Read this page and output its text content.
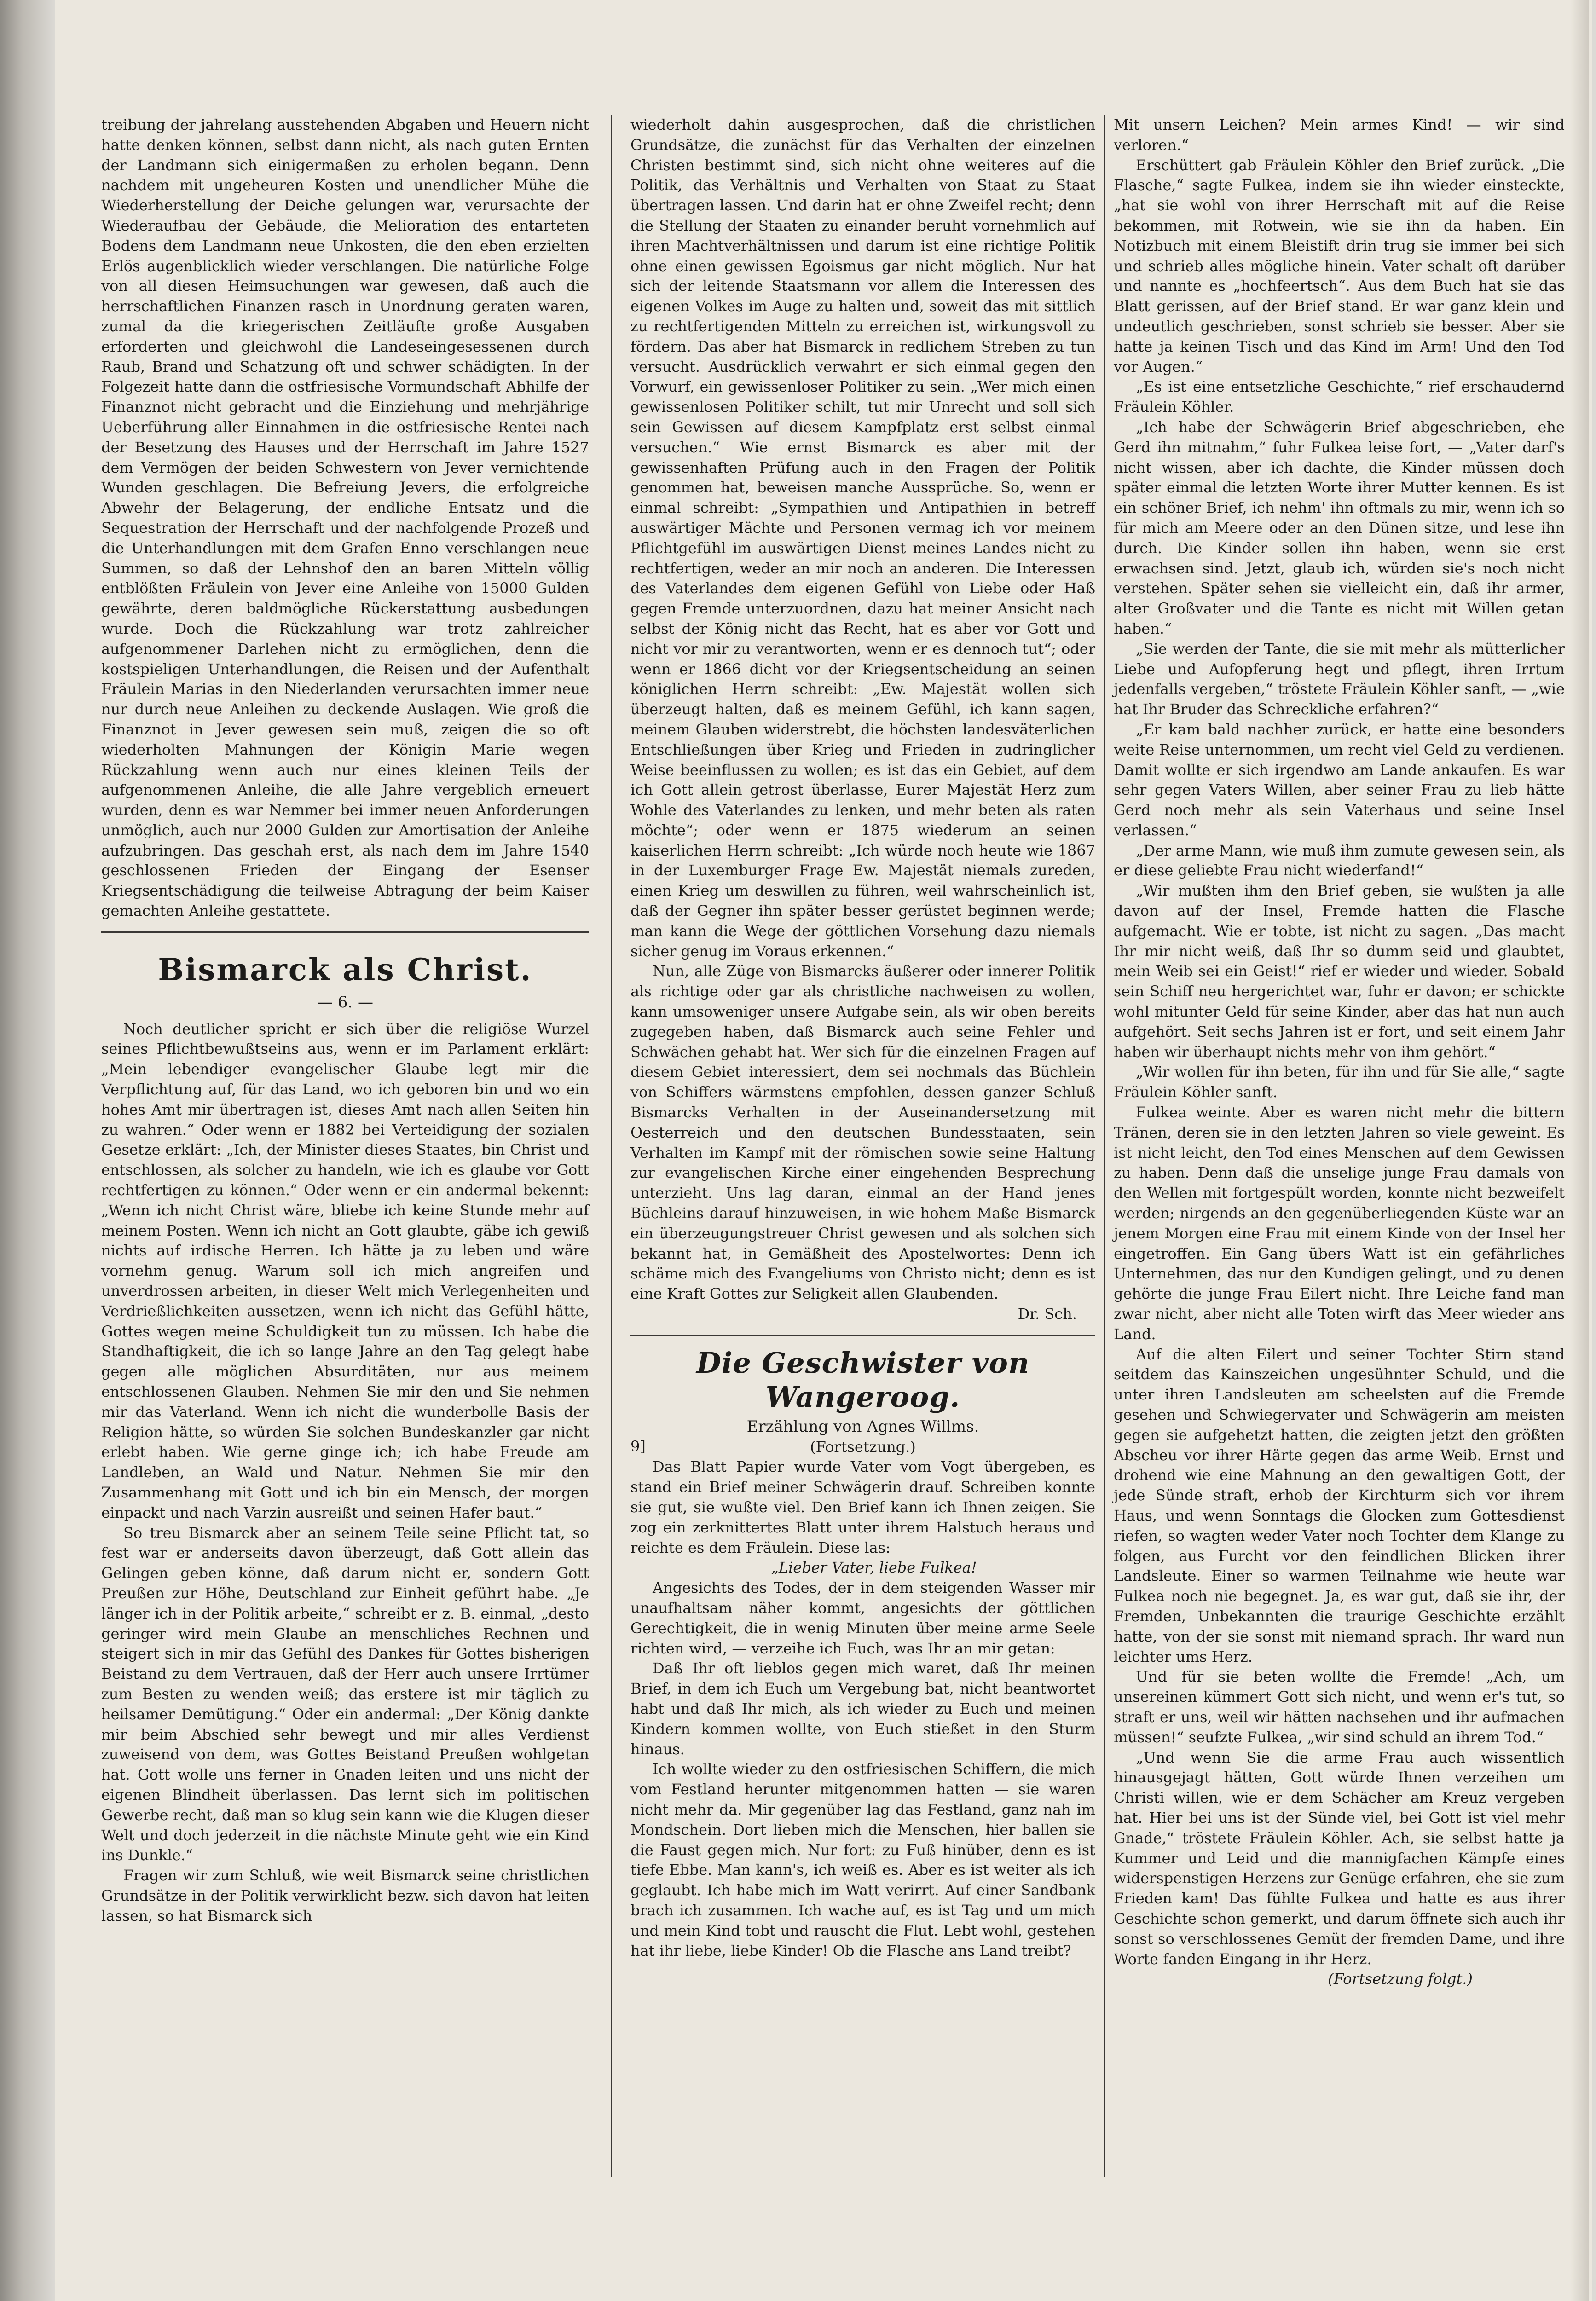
treibung der jahrelang ausstehenden Abgaben und Heuern nicht hatte denken können, selbst dann nicht, als nach guten Ernten der Landmann sich einigermaßen zu erholen begann. Denn nachdem mit ungeheuren Kosten und unendlicher Mühe die Wiederherstellung der Deiche gelungen war, verursachte der Wiederaufbau der Gebäude, die Melioration des entarteten Bodens dem Landmann neue Unkosten, die den eben erzielten Erlös augenblicklich wieder verschlangen. Die natürliche Folge von all diesen Heimsuchungen war gewesen, daß auch die herrschaftlichen Finanzen rasch in Unordnung geraten waren, zumal da die kriegerischen Zeitläufte große Ausgaben erforderten und gleichwohl die Landeseingesessenen durch Raub, Brand und Schatzung oft und schwer schädigten. In der Folgezeit hatte dann die ostfriesische Vormundschaft Abhilfe der Finanznot nicht gebracht und die Einziehung und mehrjährige Ueberführung aller Einnahmen in die ostfriesische Rentei nach der Besetzung des Hauses und der Herrschaft im Jahre 1527 dem Vermögen der beiden Schwestern von Jever vernichtende Wunden geschlagen. Die Befreiung Jevers, die erfolgreiche Abwehr der Belagerung, der endliche Entsatz und die Sequestration der Herrschaft und der nachfolgende Prozeß und die Unterhandlungen mit dem Grafen Enno verschlangen neue Summen, so daß der Lehnshof den an baren Mitteln völlig entblößten Fräulein von Jever eine Anleihe von 15000 Gulden gewährte, deren baldmögliche Rückerstattung ausbedungen wurde. Doch die Rückzahlung war trotz zahlreicher aufgenommener Darlehen nicht zu ermöglichen, denn die kostspieligen Unterhandlungen, die Reisen und der Aufenthalt Fräulein Marias in den Niederlanden verursachten immer neue nur durch neue Anleihen zu deckende Auslagen. Wie groß die Finanznot in Jever gewesen sein muß, zeigen die so oft wiederholten Mahnungen der Königin Marie wegen Rückzahlung wenn auch nur eines kleinen Teils der aufgenommenen Anleihe, die alle Jahre vergeblich erneuert wurden, denn es war Nemmer bei immer neuen Anforderungen unmöglich, auch nur 2000 Gulden zur Amortisation der Anleihe aufzubringen. Das geschah erst, als nach dem im Jahre 1540 geschlossenen Frieden der Eingang der Esenser Kriegsentschädigung die teilweise Abtragung der beim Kaiser gemachten Anleihe gestattete.

Bismarck als Christ.
— 6. —

Noch deutlicher spricht er sich über die religiöse Wurzel seines Pflichtbewußtseins aus, wenn er im Parlament erklärt: „Mein lebendiger evangelischer Glaube legt mir die Verpflichtung auf, für das Land, wo ich geboren bin und wo ein hohes Amt mir übertragen ist, dieses Amt nach allen Seiten hin zu wahren.“ Oder wenn er 1882 bei Verteidigung der sozialen Gesetze erklärt: „Ich, der Minister dieses Staates, bin Christ und entschlossen, als solcher zu handeln, wie ich es glaube vor Gott rechtfertigen zu können.“ Oder wenn er ein andermal bekennt: „Wenn ich nicht Christ wäre, bliebe ich keine Stunde mehr auf meinem Posten. Wenn ich nicht an Gott glaubte, gäbe ich gewiß nichts auf irdische Herren. Ich hätte ja zu leben und wäre vornehm genug. Warum soll ich mich angreifen und unverdrossen arbeiten, in dieser Welt mich Verlegenheiten und Verdrießlichkeiten aussetzen, wenn ich nicht das Gefühl hätte, Gottes wegen meine Schuldigkeit tun zu müssen. Ich habe die Standhaftigkeit, die ich so lange Jahre an den Tag gelegt habe gegen alle möglichen Absurditäten, nur aus meinem entschlossenen Glauben. Nehmen Sie mir den und Sie nehmen mir das Vaterland. Wenn ich nicht die wunderbolle Basis der Religion hätte, so würden Sie solchen Bundeskanzler gar nicht erlebt haben. Wie gerne ginge ich; ich habe Freude am Landleben, an Wald und Natur. Nehmen Sie mir den Zusammenhang mit Gott und ich bin ein Mensch, der morgen einpackt und nach Varzin ausreißt und seinen Hafer baut.“

So treu Bismarck aber an seinem Teile seine Pflicht tat, so fest war er anderseits davon überzeugt, daß Gott allein das Gelingen geben könne, daß darum nicht er, sondern Gott Preußen zur Höhe, Deutschland zur Einheit geführt habe. „Je länger ich in der Politik arbeite,“ schreibt er z. B. einmal, „desto geringer wird mein Glaube an menschliches Rechnen und steigert sich in mir das Gefühl des Dankes für Gottes bisherigen Beistand zu dem Vertrauen, daß der Herr auch unsere Irrtümer zum Besten zu wenden weiß; das erstere ist mir täglich zu heilsamer Demütigung.“ Oder ein andermal: „Der König dankte mir beim Abschied sehr bewegt und mir alles Verdienst zuweisend von dem, was Gottes Beistand Preußen wohlgetan hat. Gott wolle uns ferner in Gnaden leiten und uns nicht der eigenen Blindheit überlassen. Das lernt sich im politischen Gewerbe recht, daß man so klug sein kann wie die Klugen dieser Welt und doch jederzeit in die nächste Minute geht wie ein Kind ins Dunkle.“

Fragen wir zum Schluß, wie weit Bismarck seine christlichen Grundsätze in der Politik verwirklicht bezw. sich davon hat leiten lassen, so hat Bismarck sich

wiederholt dahin ausgesprochen, daß die christlichen Grundsätze, die zunächst für das Verhalten der einzelnen Christen bestimmt sind, sich nicht ohne weiteres auf die Politik, das Verhältnis und Verhalten von Staat zu Staat übertragen lassen. Und darin hat er ohne Zweifel recht; denn die Stellung der Staaten zu einander beruht vornehmlich auf ihren Machtverhältnissen und darum ist eine richtige Politik ohne einen gewissen Egoismus gar nicht möglich. Nur hat sich der leitende Staatsmann vor allem die Interessen des eigenen Volkes im Auge zu halten und, soweit das mit sittlich zu rechtfertigenden Mitteln zu erreichen ist, wirkungsvoll zu fördern. Das aber hat Bismarck in redlichem Streben zu tun versucht. Ausdrücklich verwahrt er sich einmal gegen den Vorwurf, ein gewissenloser Politiker zu sein. „Wer mich einen gewissenlosen Politiker schilt, tut mir Unrecht und soll sich sein Gewissen auf diesem Kampfplatz erst selbst einmal versuchen.“ Wie ernst Bismarck es aber mit der gewissenhaften Prüfung auch in den Fragen der Politik genommen hat, beweisen manche Aussprüche. So, wenn er einmal schreibt: „Sympathien und Antipathien in betreff auswärtiger Mächte und Personen vermag ich vor meinem Pflichtgefühl im auswärtigen Dienst meines Landes nicht zu rechtfertigen, weder an mir noch an anderen. Die Interessen des Vaterlandes dem eigenen Gefühl von Liebe oder Haß gegen Fremde unterzuordnen, dazu hat meiner Ansicht nach selbst der König nicht das Recht, hat es aber vor Gott und nicht vor mir zu verantworten, wenn er es dennoch tut“; oder wenn er 1866 dicht vor der Kriegsentscheidung an seinen königlichen Herrn schreibt: „Ew. Majestät wollen sich überzeugt halten, daß es meinem Gefühl, ich kann sagen, meinem Glauben widerstrebt, die höchsten landesväterlichen Entschließungen über Krieg und Frieden in zudringlicher Weise beeinflussen zu wollen; es ist das ein Gebiet, auf dem ich Gott allein getrost überlasse, Eurer Majestät Herz zum Wohle des Vaterlandes zu lenken, und mehr beten als raten möchte“; oder wenn er 1875 wiederum an seinen kaiserlichen Herrn schreibt: „Ich würde noch heute wie 1867 in der Luxemburger Frage Ew. Majestät niemals zureden, einen Krieg um deswillen zu führen, weil wahrscheinlich ist, daß der Gegner ihn später besser gerüstet beginnen werde; man kann die Wege der göttlichen Vorsehung dazu niemals sicher genug im Voraus erkennen.“

Nun, alle Züge von Bismarcks äußerer oder innerer Politik als richtige oder gar als christliche nachweisen zu wollen, kann umsoweniger unsere Aufgabe sein, als wir oben bereits zugegeben haben, daß Bismarck auch seine Fehler und Schwächen gehabt hat. Wer sich für die einzelnen Fragen auf diesem Gebiet interessiert, dem sei nochmals das Büchlein von Schiffers wärmstens empfohlen, dessen ganzer Schluß Bismarcks Verhalten in der Auseinandersetzung mit Oesterreich und den deutschen Bundesstaaten, sein Verhalten im Kampf mit der römischen sowie seine Haltung zur evangelischen Kirche einer eingehenden Besprechung unterzieht. Uns lag daran, einmal an der Hand jenes Büchleins darauf hinzuweisen, in wie hohem Maße Bismarck ein überzeugungstreuer Christ gewesen und als solchen sich bekannt hat, in Gemäßheit des Apostelwortes: Denn ich schäme mich des Evangeliums von Christo nicht; denn es ist eine Kraft Gottes zur Seligkeit allen Glaubenden.

Dr. Sch.
Die Geschwister von Wangeroog.
Erzählung von Agnes Willms.
(Fortsetzung.)
9]

Das Blatt Papier wurde Vater vom Vogt übergeben, es stand ein Brief meiner Schwägerin drauf. Schreiben konnte sie gut, sie wußte viel. Den Brief kann ich Ihnen zeigen. Sie zog ein zerknittertes Blatt unter ihrem Halstuch heraus und reichte es dem Fräulein. Diese las:

„Lieber Vater, liebe Fulkea!

Angesichts des Todes, der in dem steigenden Wasser mir unaufhaltsam näher kommt, angesichts der göttlichen Gerechtigkeit, die in wenig Minuten über meine arme Seele richten wird, — verzeihe ich Euch, was Ihr an mir getan:

Daß Ihr oft lieblos gegen mich waret, daß Ihr meinen Brief, in dem ich Euch um Vergebung bat, nicht beantwortet habt und daß Ihr mich, als ich wieder zu Euch und meinen Kindern kommen wollte, von Euch stießet in den Sturm hinaus.

Ich wollte wieder zu den ostfriesischen Schiffern, die mich vom Festland herunter mitgenommen hatten — sie waren nicht mehr da. Mir gegenüber lag das Festland, ganz nah im Mondschein. Dort lieben mich die Menschen, hier ballen sie die Faust gegen mich. Nur fort: zu Fuß hinüber, denn es ist tiefe Ebbe. Man kann's, ich weiß es. Aber es ist weiter als ich geglaubt. Ich habe mich im Watt verirrt. Auf einer Sandbank brach ich zusammen. Ich wache auf, es ist Tag und um mich und mein Kind tobt und rauscht die Flut. Lebt wohl, gestehen hat ihr liebe, liebe Kinder! Ob die Flasche ans Land treibt?

Mit unsern Leichen? Mein armes Kind! — wir sind verloren.“

Erschüttert gab Fräulein Köhler den Brief zurück. „Die Flasche,“ sagte Fulkea, indem sie ihn wieder einsteckte, „hat sie wohl von ihrer Herrschaft mit auf die Reise bekommen, mit Rotwein, wie sie ihn da haben. Ein Notizbuch mit einem Bleistift drin trug sie immer bei sich und schrieb alles mögliche hinein. Vater schalt oft darüber und nannte es „hochfeertsch“. Aus dem Buch hat sie das Blatt gerissen, auf der Brief stand. Er war ganz klein und undeutlich geschrieben, sonst schrieb sie besser. Aber sie hatte ja keinen Tisch und das Kind im Arm! Und den Tod vor Augen.“

„Es ist eine entsetzliche Geschichte,“ rief erschaudernd Fräulein Köhler.

„Ich habe der Schwägerin Brief abgeschrieben, ehe Gerd ihn mitnahm,“ fuhr Fulkea leise fort, — „Vater darf's nicht wissen, aber ich dachte, die Kinder müssen doch später einmal die letzten Worte ihrer Mutter kennen. Es ist ein schöner Brief, ich nehm' ihn oftmals zu mir, wenn ich so für mich am Meere oder an den Dünen sitze, und lese ihn durch. Die Kinder sollen ihn haben, wenn sie erst erwachsen sind. Jetzt, glaub ich, würden sie's noch nicht verstehen. Später sehen sie vielleicht ein, daß ihr armer, alter Großvater und die Tante es nicht mit Willen getan haben.“

„Sie werden der Tante, die sie mit mehr als mütterlicher Liebe und Aufopferung hegt und pflegt, ihren Irrtum jedenfalls vergeben,“ tröstete Fräulein Köhler sanft, — „wie hat Ihr Bruder das Schreckliche erfahren?“

„Er kam bald nachher zurück, er hatte eine besonders weite Reise unternommen, um recht viel Geld zu verdienen. Damit wollte er sich irgendwo am Lande ankaufen. Es war sehr gegen Vaters Willen, aber seiner Frau zu lieb hätte Gerd noch mehr als sein Vaterhaus und seine Insel verlassen.“

„Der arme Mann, wie muß ihm zumute gewesen sein, als er diese geliebte Frau nicht wiederfand!“

„Wir mußten ihm den Brief geben, sie wußten ja alle davon auf der Insel, Fremde hatten die Flasche aufgemacht. Wie er tobte, ist nicht zu sagen. „Das macht Ihr mir nicht weiß, daß Ihr so dumm seid und glaubtet, mein Weib sei ein Geist!“ rief er wieder und wieder. Sobald sein Schiff neu hergerichtet war, fuhr er davon; er schickte wohl mitunter Geld für seine Kinder, aber das hat nun auch aufgehört. Seit sechs Jahren ist er fort, und seit einem Jahr haben wir überhaupt nichts mehr von ihm gehört.“

„Wir wollen für ihn beten, für ihn und für Sie alle,“ sagte Fräulein Köhler sanft.

Fulkea weinte. Aber es waren nicht mehr die bittern Tränen, deren sie in den letzten Jahren so viele geweint. Es ist nicht leicht, den Tod eines Menschen auf dem Gewissen zu haben. Denn daß die unselige junge Frau damals von den Wellen mit fortgespült worden, konnte nicht bezweifelt werden; nirgends an den gegenüberliegenden Küste war an jenem Morgen eine Frau mit einem Kinde von der Insel her eingetroffen. Ein Gang übers Watt ist ein gefährliches Unternehmen, das nur den Kundigen gelingt, und zu denen gehörte die junge Frau Eilert nicht. Ihre Leiche fand man zwar nicht, aber nicht alle Toten wirft das Meer wieder ans Land.

Auf die alten Eilert und seiner Tochter Stirn stand seitdem das Kainszeichen ungesühnter Schuld, und die unter ihren Landsleuten am scheelsten auf die Fremde gesehen und Schwiegervater und Schwägerin am meisten gegen sie aufgehetzt hatten, die zeigten jetzt den größten Abscheu vor ihrer Härte gegen das arme Weib. Ernst und drohend wie eine Mahnung an den gewaltigen Gott, der jede Sünde straft, erhob der Kirchturm sich vor ihrem Haus, und wenn Sonntags die Glocken zum Gottesdienst riefen, so wagten weder Vater noch Tochter dem Klange zu folgen, aus Furcht vor den feindlichen Blicken ihrer Landsleute. Einer so warmen Teilnahme wie heute war Fulkea noch nie begegnet. Ja, es war gut, daß sie ihr, der Fremden, Unbekannten die traurige Geschichte erzählt hatte, von der sie sonst mit niemand sprach. Ihr ward nun leichter ums Herz.

Und für sie beten wollte die Fremde! „Ach, um unsereinen kümmert Gott sich nicht, und wenn er's tut, so straft er uns, weil wir hätten nachsehen und ihr aufmachen müssen!“ seufzte Fulkea, „wir sind schuld an ihrem Tod.“

„Und wenn Sie die arme Frau auch wissentlich hinausgejagt hätten, Gott würde Ihnen verzeihen um Christi willen, wie er dem Schächer am Kreuz vergeben hat. Hier bei uns ist der Sünde viel, bei Gott ist viel mehr Gnade,“ tröstete Fräulein Köhler. Ach, sie selbst hatte ja Kummer und Leid und die mannigfachen Kämpfe eines widerspenstigen Herzens zur Genüge erfahren, ehe sie zum Frieden kam! Das fühlte Fulkea und hatte es aus ihrer Geschichte schon gemerkt, und darum öffnete sich auch ihr sonst so verschlossenes Gemüt der fremden Dame, und ihre Worte fanden Eingang in ihr Herz.

(Fortsetzung folgt.)
